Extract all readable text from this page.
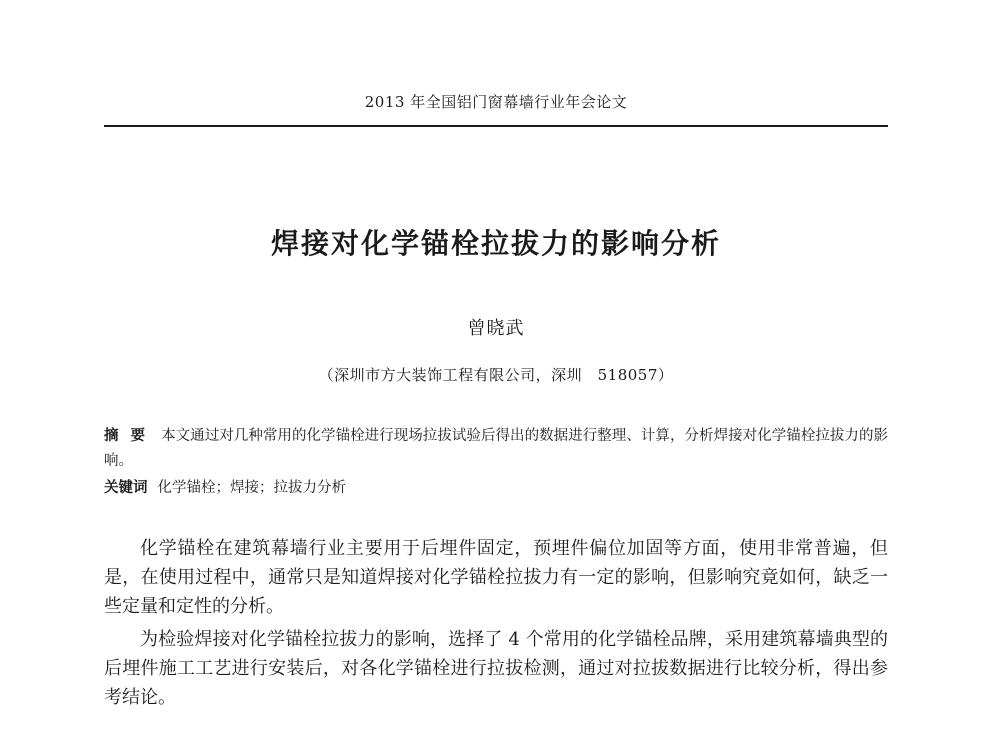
2013 年全国铝门窗幕墙行业年会论文
焊接对化学锚栓拉拔力的影响分析
曾晓武
（深圳市方大装饰工程有限公司，深圳　518057）
摘要 本文通过对几种常用的化学锚栓进行现场拉拔试验后得出的数据进行整理、计算，分析焊接对化学锚栓拉拔力的影响。
关键词 化学锚栓；焊接；拉拔力分析

化学锚栓在建筑幕墙行业主要用于后埋件固定，预埋件偏位加固等方面，使用非常普遍，但是，在使用过程中，通常只是知道焊接对化学锚栓拉拔力有一定的影响，但影响究竟如何，缺乏一些定量和定性的分析。

为检验焊接对化学锚栓拉拔力的影响，选择了 4 个常用的化学锚栓品牌，采用建筑幕墙典型的后埋件施工工艺进行安装后，对各化学锚栓进行拉拔检测，通过对拉拔数据进行比较分析，得出参考结论。
